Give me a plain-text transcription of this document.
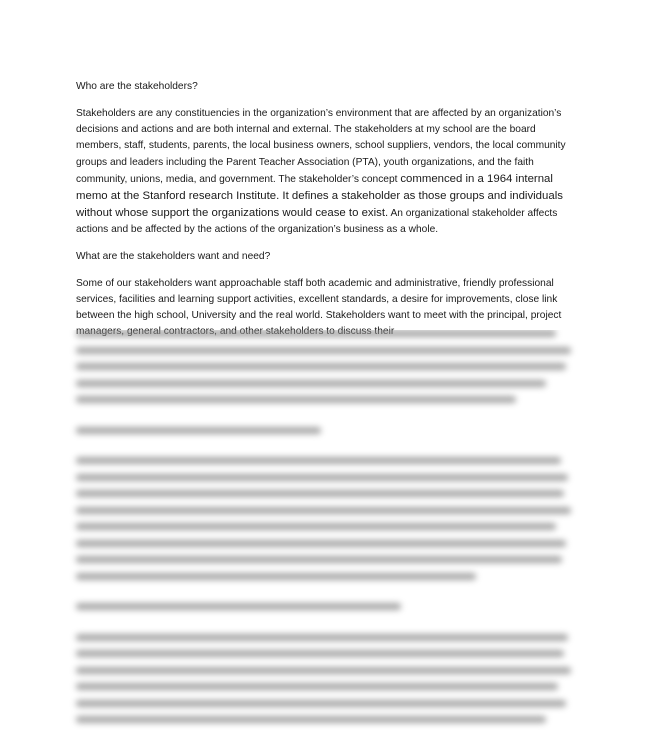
Who are the stakeholders?

Stakeholders are any constituencies in the organization’s environment that are affected by an organization’s decisions and actions and are both internal and external. The stakeholders at my school are the board members, staff, students, parents, the local business owners, school suppliers, vendors, the local community groups and leaders including the Parent Teacher Association (PTA), youth organizations, and the faith community, unions, media, and government. The stakeholder’s concept commenced in a 1964 internal memo at the Stanford research Institute. It defines a stakeholder as those groups and individuals without whose support the organizations would cease to exist. An organizational stakeholder affects actions and be affected by the actions of the organization’s business as a whole.

What are the stakeholders want and need?

Some of our stakeholders want approachable staff both academic and administrative, friendly professional services, facilities and learning support activities, excellent standards, a desire for improvements, close link between the high school, University and the real world. Stakeholders want to meet with the principal, project
